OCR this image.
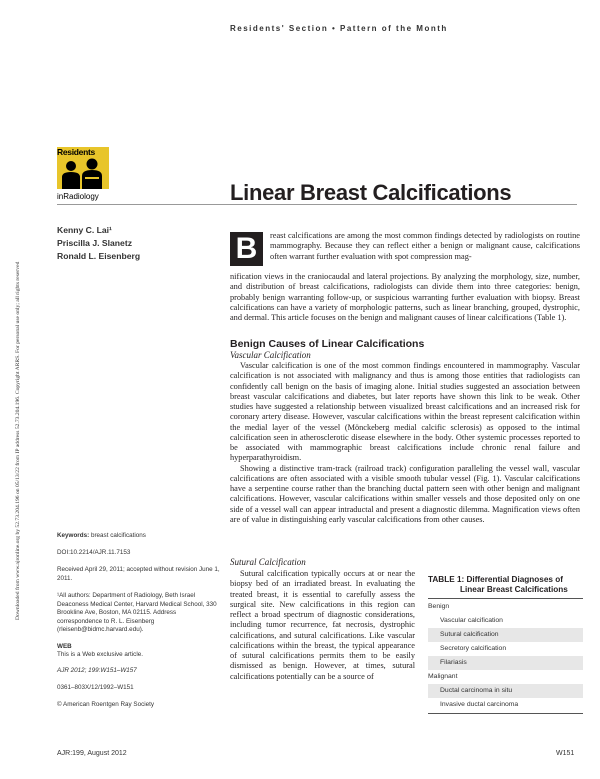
Residents' Section • Pattern of the Month
Downloaded from www.ajronline.org by 52.73.204.196 on 05/13/22 from IP address 52.73.204.196. Copyright ARRS. For personal use only; all rights reserved
Residents
inRadiology	Linear Breast Calcifications
Kenny C. Lai¹
Priscilla J. Slanetz
Ronald L. Eisenberg	B	reast calcifications are among the most common findings detected by radiologists on routine mammography. Because they can reflect either a benign or malignant cause, calcifications often warrant further evaluation with spot compression mag-
nification views in the craniocaudal and lateral projections. By analyzing the morphology, size, number, and distribution of breast calcifications, radiologists can divide them into three categories: benign, probably benign warranting follow-up, or suspicious warranting further evaluation with biopsy. Breast calcifications can have a variety of morphologic patterns, such as linear branching, grouped, dystrophic, and dermal. This article focuses on the benign and malignant causes of linear calcifications (Table 1).
Benign Causes of Linear Calcifications
Vascular Calcification
Vascular calcification is one of the most common findings encountered in mammography. Vascular calcification is not associated with malignancy and thus is among those entities that radiologists can confidently call benign on the basis of imaging alone. Initial studies suggested an association between breast vascular calcifications and diabetes, but later reports have shown this link to be weak. Other studies have suggested a relationship between visualized breast calcifications and an increased risk for coronary artery disease. However, vascular calcifications within the breast represent calcification within the medial layer of the vessel (Mönckeberg medial calcific sclerosis) as opposed to the intimal calcification seen in atherosclerotic disease elsewhere in the body. Other systemic processes reported to be associated with mammographic breast calcifications include chronic renal failure and hyperparathyroidism.
Showing a distinctive tram-track (railroad track) configuration paralleling the vessel wall, vascular calcifications are often associated with a visible smooth tubular vessel (Fig. 1). Vascular calcifications have a serpentine course rather than the branching ductal pattern seen with other benign and malignant calcifications. However, vascular calcifications within smaller vessels and those deposited only on one side of a vessel wall can appear intraductal and present a diagnostic dilemma. Magnification views often are of value in distinguishing early vascular calcifications from other causes.
Sutural Calcification
Sutural calcification typically occurs at or near the biopsy bed of an irradiated breast. In evaluating the treated breast, it is essential to carefully assess the surgical site. New calcifications in this region can reflect a broad spectrum of diagnostic considerations, including tumor recurrence, fat necrosis, dystrophic calcifications, and sutural calcifications. Like vascular calcifications within the breast, the typical appearance of sutural calcifications permits them to be easily dismissed as benign. However, at times, sutural calcifications potentially can be a source of
Keywords: breast calcifications
DOI:10.2214/AJR.11.7153
Received April 29, 2011; accepted without revision June 1, 2011.
¹All authors: Department of Radiology, Beth Israel Deaconess Medical Center, Harvard Medical School, 330 Brookline Ave, Boston, MA 02115. Address correspondence to R. L. Eisenberg (rleisenb@bidmc.harvard.edu).
WEB
This is a Web exclusive article.
AJR 2012; 199:W151–W157
0361–803X/12/1992–W151
© American Roentgen Ray Society
TABLE 1: Differential Diagnoses of
Linear Breast Calcifications
Benign
Vascular calcification
Sutural calcification
Secretory calcification
Filariasis
Malignant
Ductal carcinoma in situ
Invasive ductal carcinoma
AJR:199, August 2012	W151
